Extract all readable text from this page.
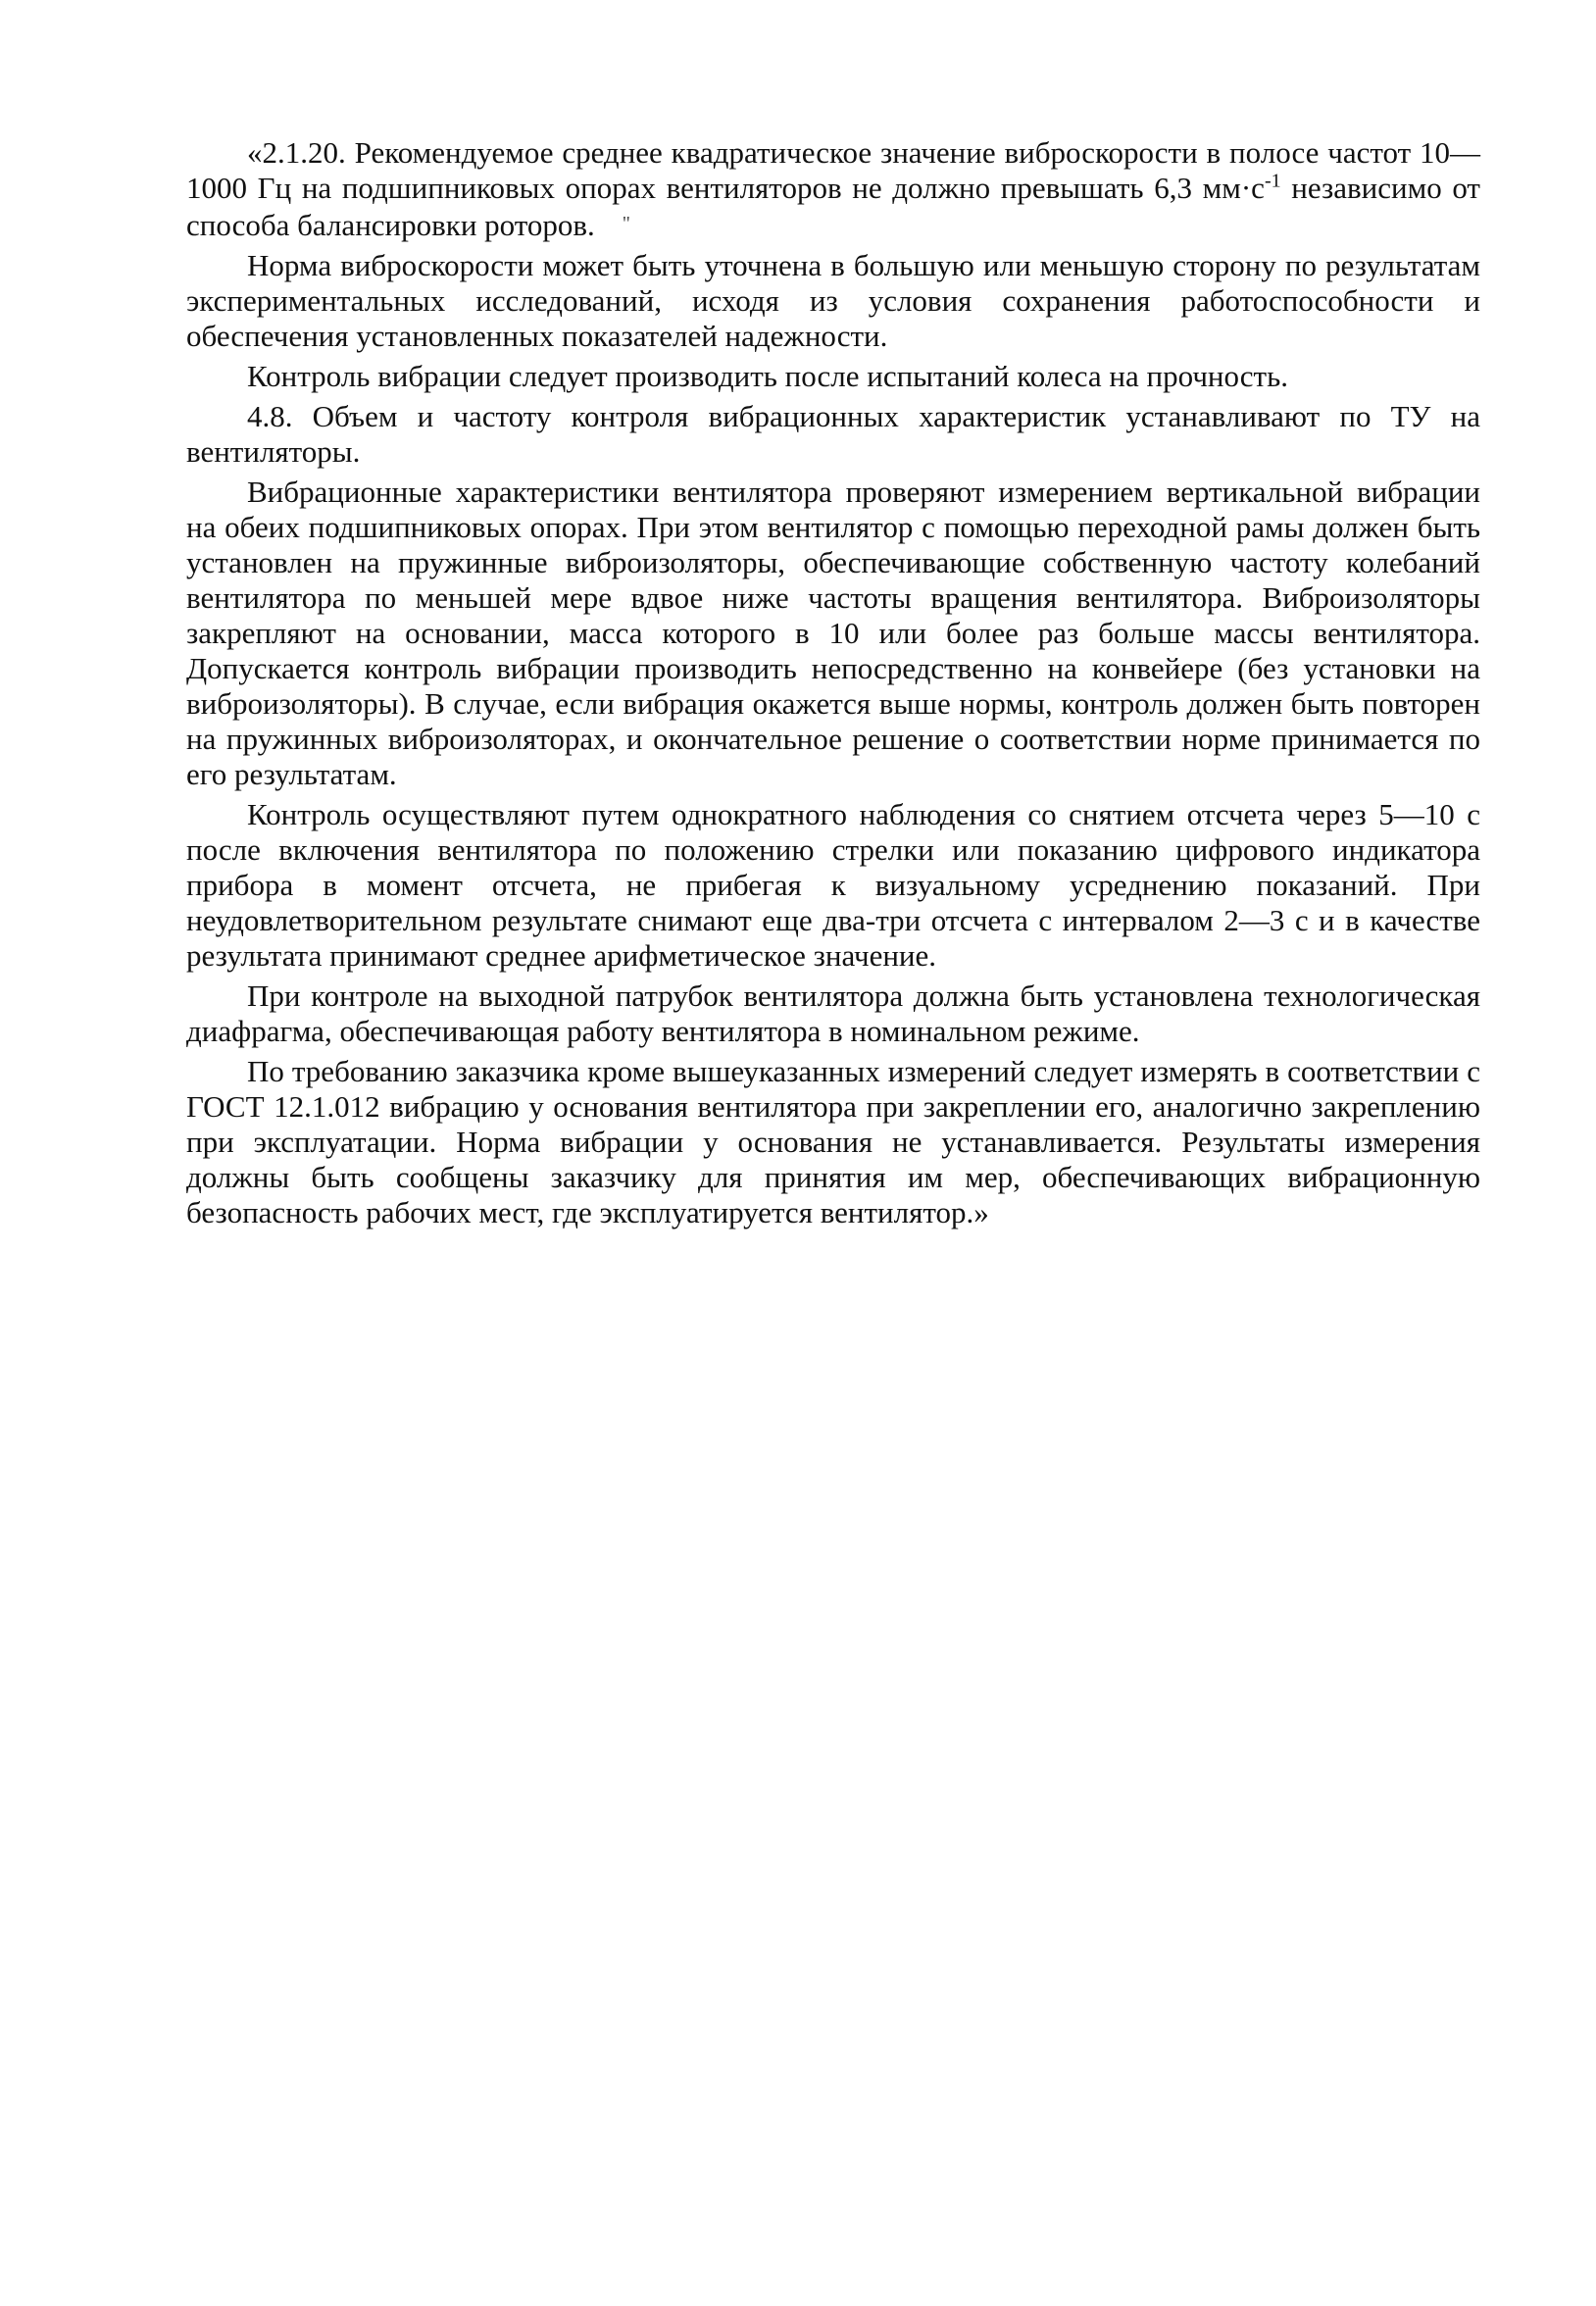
«2.1.20. Рекомендуемое среднее квадратическое значение виброскорости в полосе частот 10—1000 Гц на подшипниковых опорах вентиляторов не должно превышать 6,3 $мм\cdot с^{-1}$ независимо от способа балансировки роторов. "

Норма виброскорости может быть уточнена в большую или меньшую сторону по результатам экспериментальных исследований, исходя из условия сохранения работоспособности и обеспечения установленных показателей надежности.

Контроль вибрации следует производить после испытаний колеса на прочность.

4.8. Объем и частоту контроля вибрационных характеристик устанавливают по ТУ на вентиляторы.

Вибрационные характеристики вентилятора проверяют измерением вертикальной вибрации на обеих подшипниковых опорах. При этом вентилятор с помощью переходной рамы должен быть установлен на пружинные виброизоляторы, обеспечивающие собственную частоту колебаний вентилятора по меньшей мере вдвое ниже частоты вращения вентилятора. Виброизоляторы закрепляют на основании, масса которого в 10 или более раз больше массы вентилятора. Допускается контроль вибрации производить непосредственно на конвейере (без установки на виброизоляторы). В случае, если вибрация окажется выше нормы, контроль должен быть повторен на пружинных виброизоляторах, и окончательное решение о соответствии норме принимается по его результатам.

Контроль осуществляют путем однократного наблюдения со снятием отсчета через 5—10 с после включения вентилятора по положению стрелки или показанию цифрового индикатора прибора в момент отсчета, не прибегая к визуальному усреднению показаний. При неудовлетворительном результате снимают еще два-три отсчета с интервалом 2—3 с и в качестве результата принимают среднее арифметическое значение.

При контроле на выходной патрубок вентилятора должна быть установлена технологическая диафрагма, обеспечивающая работу вентилятора в номинальном режиме.

По требованию заказчика кроме вышеуказанных измерений следует измерять в соответствии с ГОСТ 12.1.012 вибрацию у основания вентилятора при закреплении его, аналогично закреплению при эксплуатации. Норма вибрации у основания не устанавливается. Результаты измерения должны быть сообщены заказчику для принятия им мер, обеспечивающих вибрационную безопасность рабочих мест, где эксплуатируется вентилятор.»
